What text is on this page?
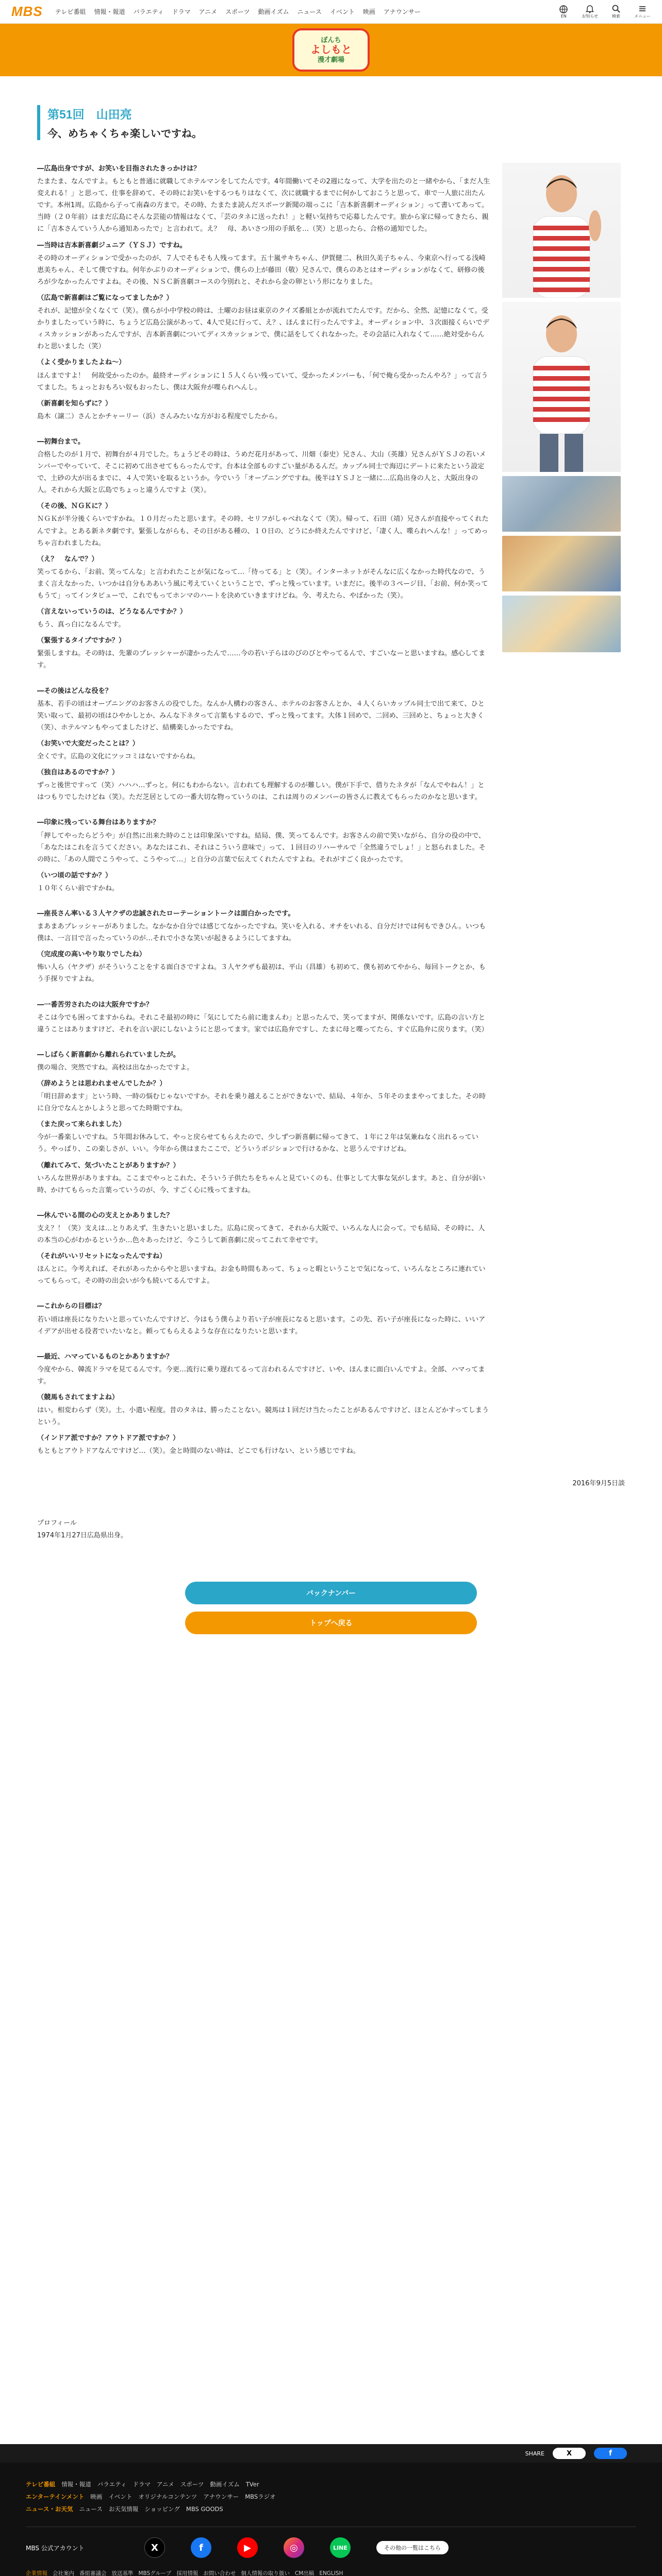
MBS テレビ番組 情報・報道 バラエティ ドラマ アニメ スポーツ 動画イズム ニュース イベント 映画 アナウンサー
EN	お知らせ	検索	メニュー
ぼんち
よしもと
漫才劇場
第51回　山田亮
今、めちゃくちゃ楽しいですね。

―広島出身ですが、お笑いを目指されたきっかけは？

たまたま、なんですよ。もともと普通に就職してホテルマンをしてたんです。4年間働いてその2週になって、大学を出たのと一緒やから、「まだ人生変えれる！」と思って、仕事を辞めて、その時にお笑いをするつもりはなくて、次に就職するまでに何かしておこうと思って、車で一人旅に出たんです。本州1周。広島から子って南森の方まで。その時、たまたま読んだスポーツ新聞の端っこに「吉本新喜劇オーディション」って書いてあって。当時（２０年前）はまだ広島にそんな芸能の情報はなくて、「芸のタネに送ったれ！」と軽い気持ちで応募したんです。旅から家に帰ってきたら、親に「吉本さんていう人から通知あったで」と言われて。え？　母、あいさつ用の手紙を…（笑）と思ったら、合格の通知でした。

―当時は吉本新喜劇ジュニア（ＹＳＪ）ですね。

その時のオーディションで受かったのが、７人でそもそも人残ってます。五十嵐サキちゃん、伊賀健二、秋田久美子ちゃん、今東京へ行ってる浅崎恵美ちゃん、そして僕ですね。何年かぶりのオーディションで、僕らの上が藤田（敬）兄さんで、僕らのあとはオーディションがなくて、研修の後ろが少なかったんですよね。その後、ＮＳＣ新喜劇コースの今別れと、それから金の卵という形になりました。

（広島で新喜劇はご覧になってましたか？）

それが、記憶が全くなくて（笑）。僕らが小中学校の時は、土曜のお昼は東京のクイズ番組とかが流れてたんです。だから、全然、記憶になくて。受かりましたっていう時に、ちょうど広島公演があって、4人で見に行って、え？、ほんまに行ったんですよ。オーディション中、３次面接くらいでディスカッションがあったんですが、吉本新喜劇についてディスカッションで、僕に話をしてくれなかった。その会話に入れなくて……絶対受からんわと思いました（笑）

（よく受かりましたよね～）

ほんまですよ！　何故受かったのか。最終オーディションに１５人くらい残っていて、受かったメンバーも、「何で俺ら受かったんやろ？」って言うてました。ちょっとおもろい奴もおったし、僕は大阪弁が喋られへんし。

（新喜劇を知らずに？）

島木（譲二）さんとかチャーリー（浜）さんみたいな方がおる程度でしたから。

―初舞台まで。

合格したのが１月で、初舞台が４月でした。ちょうどその時は、うめだ花月があって、川畑（泰史）兄さん、大山（英雄）兄さんがＹＳＪの若いメンバーでやっていて、そこに初めて出させてもらったんです。台本は全部ものすごい量があるんだ。カップル同士で海辺にデートに来たという設定で、土砂の大が出るまでに、４人で笑いを取るというか。今でいう「オープニングですね。後半はＹＳＪと一緒に…広島出身の人と、大阪出身の人。それから大阪と広島でちょっと違うんですよ（笑）。

（その後、ＮＧＫに？）

ＮＧＫが半分後くらいですかね。１０月だったと思います。その時、セリフがしゃべれなくて（笑）。帰って、石田（靖）兄さんが直接やってくれたんですよ。とある新ネタ劇です。緊張しながらも、その日がある種の、１０日の、どうにか終えたんですけど、「凄く人、喋られへんな！」ってめっちゃ言われましたね。

（え？　なんで？）

笑ってるから、「お前、笑ってんな」と言われたことが気になって…「待ってる」と（笑）。インターネットがそんなに広くなかった時代なので、うまく言えなかった、いつかは自分もああいう風に考えていくということで、ずっと残っています。いまだに。後半の３ページ目、「お前、何か笑ってもうて」ってインタビューで、これでもってホンマのハートを決めていきますけどね。今、考えたら、やばかった（笑）。

（言えないっていうのは、どうなるんですか？）

もう、真っ白になるんです。

（緊張するタイプですか？）

緊張しますね。その時は、先輩のプレッシャーが凄かったんで……今の若い子らはのびのびとやってるんで、すごいなーと思いますね。感心してます。

―その後はどんな役を？

基本、若手の頃はオープニングのお客さんの役でした。なんか人構わの客さん、ホテルのお客さんとか、４人くらいカップル同士で出て来て、ひと笑い取って、最初の頃はひやかしとか、みんな下ネタって言葉もするので、ずっと残ってます。大体１回めで、二回め、三回めと、ちょっと大きく（笑）、ホテルマンもやってましたけど、結構楽しかったですね。

（お笑いで大変だったことは？）

全くです。広島の文化にツッコミはないですからね。

（独自はあるのですか？）

ずっと後世ですって（笑）ハハハ…ずっと。何にもわからない。言われても理解するのが難しい。僕が下手で、借りたネタが「なんでやねん！」とはつもりでしたけどね（笑）。ただ芝居としての一番大切な物っていうのは、これは周りのメンバーの皆さんに教えてもらったのかなと思います。

―印象に残っている舞台はありますか？

「押してやったらどうや」が自然に出来た時のことは印象深いですね。結局、僕、笑ってるんです。お客さんの前で笑いながら、自分の役の中で、「あなたはこれを言うてください。あなたはこれ、それはこういう意味で」って、１回目のリハーサルで「全然違うでしょ！」と怒られました。その時に、「あの人間でこうやって、こうやって…」と自分の言葉で伝えてくれたんですよね。それがすごく良かったです。

（いつ頃の話ですか？）

１０年くらい前ですかね。

―座長さん率いる３人ヤクザの忠誠されたローテーショントークは面白かったです。

まあまあプレッシャーがありました。なかなか自分では感じてなかったですね。笑いを入れる、オチをいれる、自分だけでは何もできひん。いつも僕は、一言目で言ったっていうのが…それで小さな笑いが起きるようにしてますね。

（完成度の高いやり取りでしたね）

怖い人ら（ヤクザ）がそういうことをする面白さですよね。３人ヤクザも最初は、平山（昌雄）も初めて、僕も初めてやから、毎回トークとか、もう手探りですよね。

―一番苦労されたのは大阪弁ですか？

そこは今でも困ってますからね。それこそ最初の時に「気にしてたら前に進まんわ」と思ったんで、笑ってますが、関係ないです。広島の言い方と違うことはありますけど、それを言い訳にしないようにと思ってます。家では広島弁ですし、たまに母と喋ってたら、すぐ広島弁に戻ります。（笑）

―しばらく新喜劇から離れられていましたが。

僕の場合、突然ですね。高校は出なかったですよ。

（辞めようとは思われませんでしたか？）

「明日辞めます」という時、一時の悩むじゃないですか。それを乗り越えることができないで、結局、４年か、５年そのままやってました。その時に自分でなんとかしようと思ってた時期ですね。

（また戻って来られました）

今が一番楽しいですね。５年間お休みして、やっと戻らせてもらえたので、少しずつ新喜劇に帰ってきて、１年に２年は気兼ねなく出れるっていう。やっぱり、この楽しさが、いい。今年から僕はまたここで、どういうポジションで行けるかな、と思うんですけどね。

（離れてみて、気づいたことがありますか？）

いろんな世界がありますね。ここまでやっとこれた、そういう子供たちをちゃんと見ていくのも、仕事として大事な気がします。あと、自分が弱い時、かけてもらった言葉っていうのが、今、すごく心に残ってますね。

―休んでいる間の心の支えとかありました？

支え？！（笑）支えは…とりあえず、生きたいと思いました。広島に戻ってきて、それから大阪で、いろんな人に会って。でも結局、その時に、人の本当の心がわかるというか…色々あったけど、今こうして新喜劇に戻ってこれて幸せです。

（それがいいリセットになったんですね）

ほんとに。今考えれば、それがあったからやと思いますね。お金も時間もあって、ちょっと暇ということで気になって、いろんなところに連れていってもらって。その時の出会いが今も続いてるんですよ。

―これからの目標は？

若い頃は座長になりたいと思っていたんですけど、今はもう僕らより若い子が座長になると思います。この先、若い子が座長になった時に、いいアイデアが出せる役者でいたいなと。頼ってもらえるような存在になりたいと思います。

―最近、ハマっているものとかありますか？

今度やから、韓流ドラマを見てるんです。今更…流行に乗り遅れてるって言われるんですけど、いや、ほんまに面白いんですよ。全部、ハマってます。

（競馬もされてますよね）

はい。相変わらず（笑）。土、小遣い程度。昔のタネは、勝ったことない。競馬は１回だけ当たったことがあるんですけど、ほとんどかすってしまうという。

（インドア派ですか？アウトドア派ですか？）

もともとアウトドアなんですけど…（笑）。金と時間のない時は、どこでも行けない、という感じですね。

2016年9月5日談
プロフィール
1974年1月27日広島県出身。
バックナンバー
トップへ戻る
SHARE	X	f
テレビ番組 情報・報道 バラエティ ドラマ アニメ スポーツ 動画イズム TVer
エンターテインメント 映画 イベント オリジナルコンテンツ アナウンサー MBSラジオ
ニュース・お天気 ニュース お天気情報 ショッピング MBS GOODS
MBS 公式アカウント	X	f	▶	◎	LINE	その他の一覧はこちら
企業情報 会社案内 番組審議会 放送基準 MBSグループ 採用情報 お問い合わせ 個人情報の取り扱い CM出稿 ENGLISH
